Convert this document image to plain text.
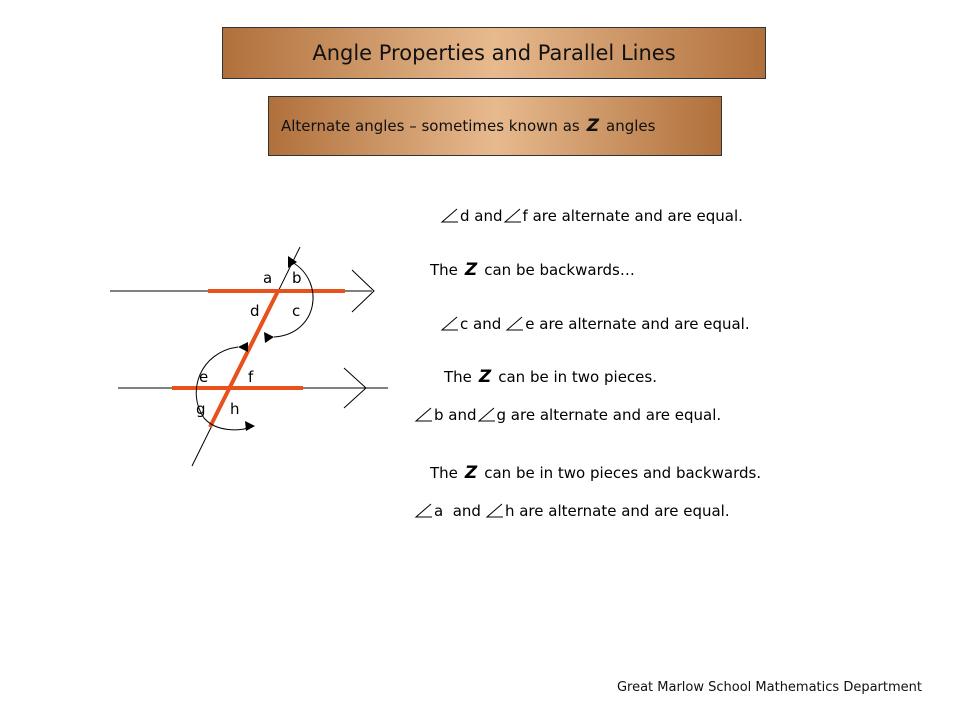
Angle Properties and Parallel Lines
Alternate angles – sometimes known as Z angles
a b
d c
e	f
g h
d and f are alternate and are equal.
The Z can be backwards…
c and e are alternate and are equal.
The Z can be in two pieces.
b and g are alternate and are equal.
The Z can be in two pieces and backwards.
a  and h are alternate and are equal.
Great Marlow School Mathematics Department
